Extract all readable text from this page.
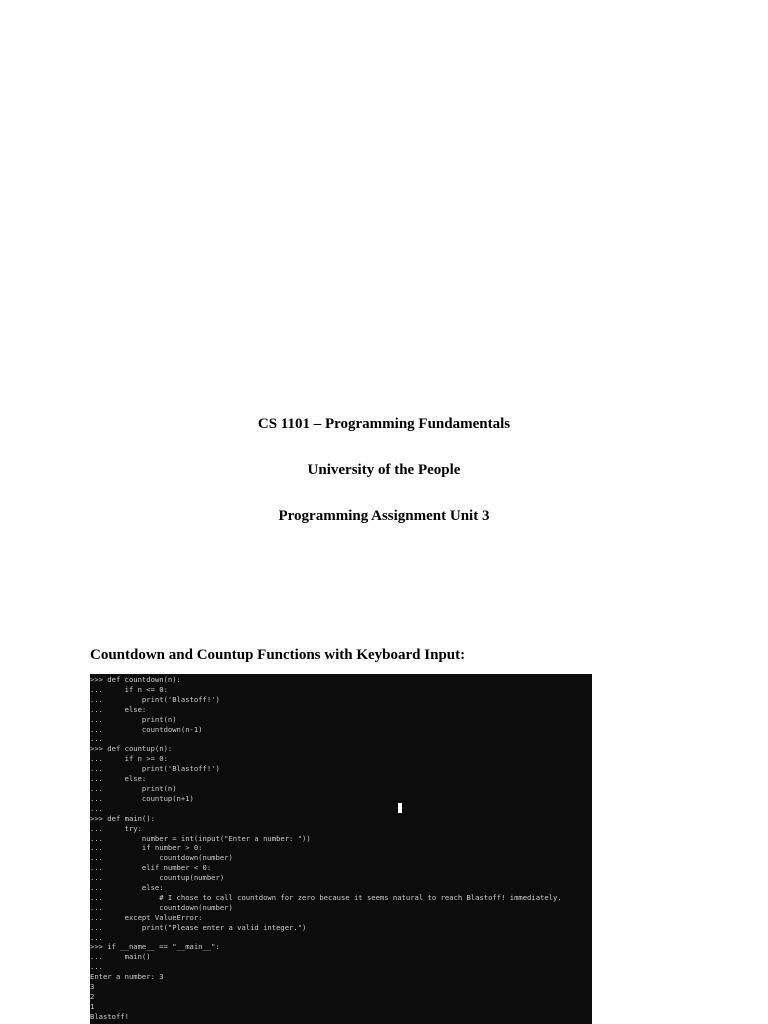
CS 1101 – Programming Fundamentals
University of the People
Programming Assignment Unit 3
Countdown and Countup Functions with Keyboard Input:
>>> def countdown(n):
...     if n <= 0:
...         print('Blastoff!')
...     else:
...         print(n)
...         countdown(n-1)
...
>>> def countup(n):
...     if n >= 0:
...         print('Blastoff!')
...     else:
...         print(n)
...         countup(n+1)
...
>>> def main():
...     try:
...         number = int(input("Enter a number: "))
...         if number > 0:
...             countdown(number)
...         elif number < 0:
...             countup(number)
...         else:
...             # I chose to call countdown for zero because it seems natural to reach Blastoff! immediately.
...             countdown(number)
...     except ValueError:
...         print("Please enter a valid integer.")
...
>>> if __name__ == "__main__":
...     main()
...
Enter a number: 3
3
2
1
Blastoff!
